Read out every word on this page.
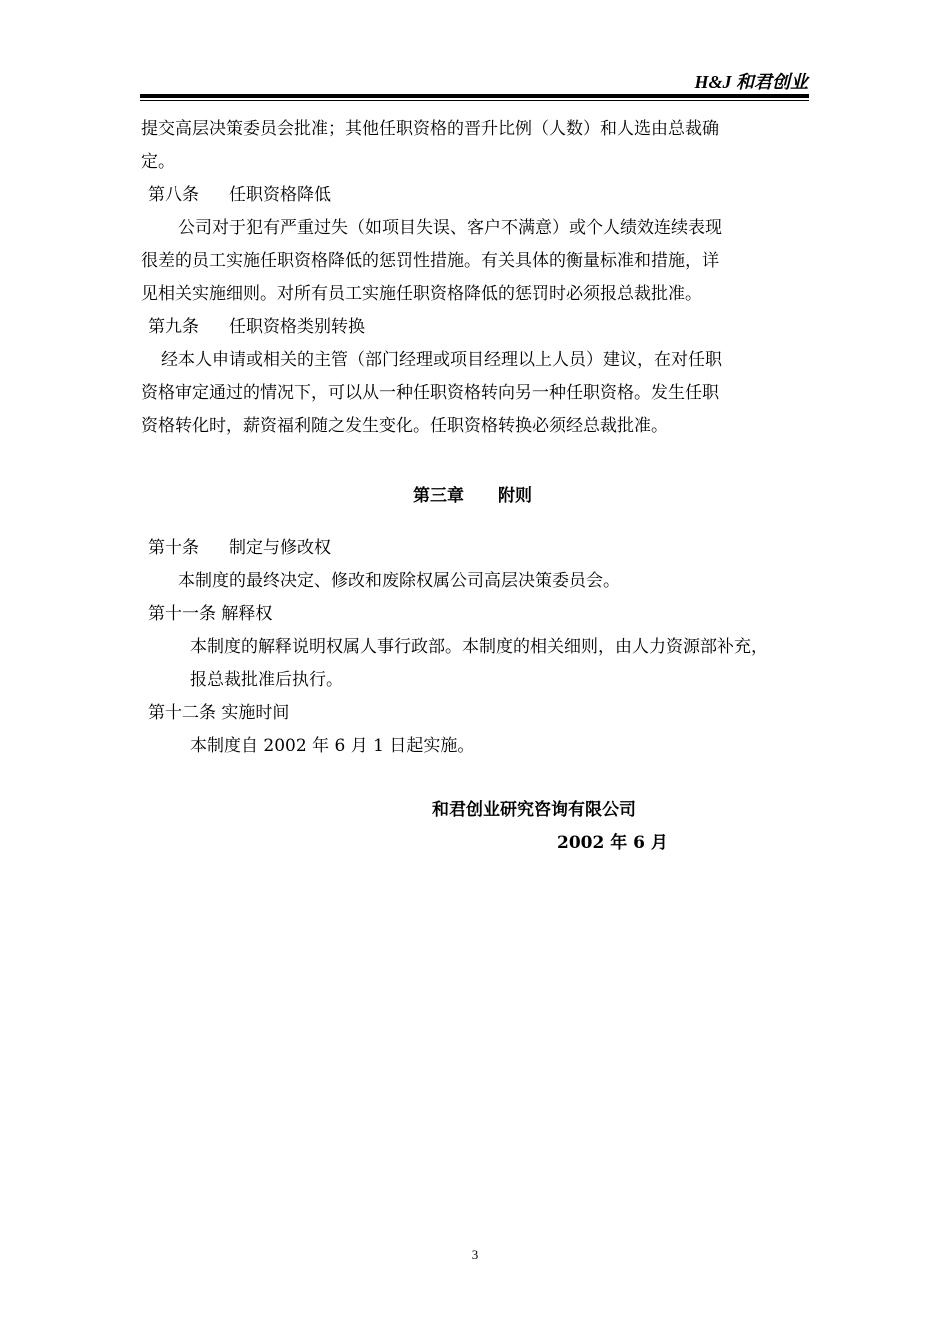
H&J 和君创业
提交高层决策委员会批准；其他任职资格的晋升比例（人数）和人选由总裁确
定。
第八条 任职资格降低
公司对于犯有严重过失（如项目失误、客户不满意）或个人绩效连续表现
很差的员工实施任职资格降低的惩罚性措施。有关具体的衡量标准和措施，详
见相关实施细则。对所有员工实施任职资格降低的惩罚时必须报总裁批准。
第九条 任职资格类别转换
经本人申请或相关的主管（部门经理或项目经理以上人员）建议，在对任职
资格审定通过的情况下，可以从一种任职资格转向另一种任职资格。发生任职
资格转化时，薪资福利随之发生变化。任职资格转换必须经总裁批准。
第三章 附则
第十条 制定与修改权
本制度的最终决定、修改和废除权属公司高层决策委员会。
第十一条 解释权
本制度的解释说明权属人事行政部。本制度的相关细则，由人力资源部补充，
报总裁批准后执行。
第十二条 实施时间
本制度自 2002 年 6 月 1 日起实施。
和君创业研究咨询有限公司
2002 年 6 月
3
